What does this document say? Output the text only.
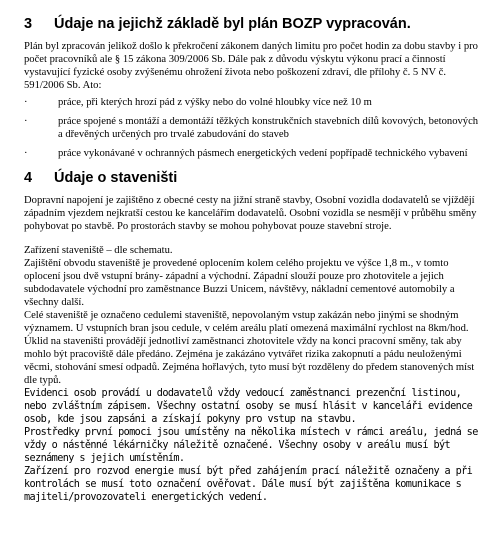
3	Údaje na jejichž základě byl plán BOZP vypracován.

Plán byl zpracován jelikož došlo k překročení zákonem daných limitu pro počet hodin za dobu stavby i pro počet pracovníků ale § 15 zákona 309/2006 Sb. Dále pak z důvodu výskytu výkonu prací a činností vystavující fyzické osoby zvýšenému ohrožení života nebo poškození zdraví, dle přílohy č. 5 NV č. 591/2006 Sb. Ato:

·	práce, při kterých hrozí pád z výšky nebo do volné hloubky více než 10 m
·	práce spojené s montáží a demontáží těžkých konstrukčních stavebních dílů kovových, betonových a dřevěných určených pro trvalé zabudování do staveb
·	práce vykonávané v ochranných pásmech energetických vedení popřípadě technického vybavení
4	Údaje o staveništi

Dopravní napojení je zajištěno z obecné cesty na jižní straně stavby, Osobní vozidla dodavatelů se vjíždějí západním vjezdem nejkratší cestou ke kancelářím dodavatelů. Osobní vozidla se nesmějí v průběhu směny pohybovat po stavbě. Po prostorách stavby se mohou pohybovat pouze stavební stroje.

Zařízení staveniště – dle schematu.

Zajištění obvodu staveniště je provedené oplocením kolem celého projektu ve výšce 1,8 m., v tomto oplocení jsou dvě vstupní brány- západní a východní. Západní slouží pouze pro zhotovitele a jejich subdodavatele východní pro zaměstnance Buzzi Unicem, návštěvy, nákladní cementové automobily a všechny další.

Celé staveniště je označeno cedulemi staveniště, nepovolaným vstup zakázán nebo jinými se shodným významem. U vstupních bran jsou cedule, v celém areálu platí omezená maximální rychlost na 8km/hod.

Úklid na staveništi provádějí jednotliví zaměstnanci zhotovitele vždy na konci pracovní směny, tak aby mohlo být pracoviště dále předáno. Zejména je zakázáno vytvářet rizika zakopnutí a pádu neuloženými věcmi, stohování smesí odpadů. Zejména hořlavých, tyto musí být rozděleny do předem stanovených míst dle typů.

Evidenci osob provádí u dodavatelů vždy vedoucí zaměstnanci prezenční listinou, nebo zvláštním zápisem. Všechny ostatní osoby se musí hlásit v kanceláři evidence osob, kde jsou zapsáni a získají pokyny pro vstup na stavbu.

Prostředky první pomoci jsou umístěny na několika místech v rámci areálu, jedná se vždy o nástěnné lékárničky náležitě označené. Všechny osoby v areálu musí být seznámeny s jejich umístěním.

Zařízení pro rozvod energie musí být před zahájením prací náležitě označeny a při kontrolách se musí toto označení ověřovat. Dále musí být zajištěna komunikace s majiteli/provozovateli energetických vedení.
